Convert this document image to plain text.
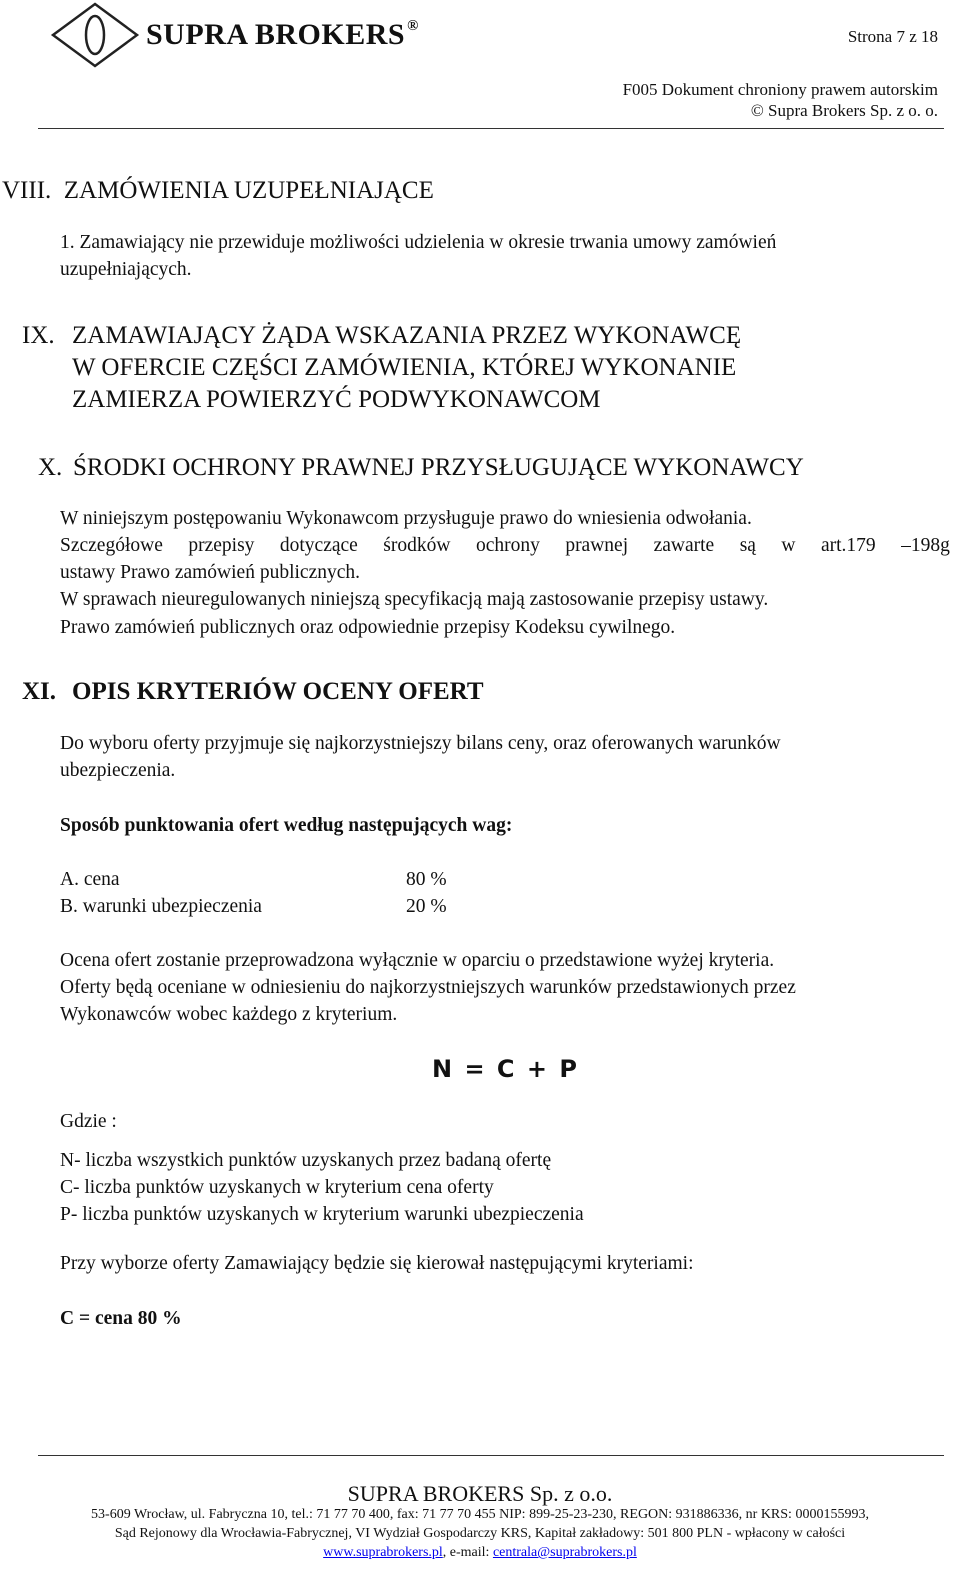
SUPRA BROKERS ®
Strona 7 z 18
F005 Dokument chroniony prawem autorskim
© Supra Brokers Sp. z o. o.
VIII. ZAMÓWIENIA UZUPEŁNIAJĄCE
1. Zamawiający nie przewiduje możliwości udzielenia w okresie trwania umowy zamówień
uzupełniających.
IX. ZAMAWIAJĄCY ŻĄDA WSKAZANIA PRZEZ WYKONAWCĘ
W OFERCIE CZĘŚCI ZAMÓWIENIA, KTÓREJ WYKONANIE
ZAMIERZA POWIERZYĆ PODWYKONAWCOM
X. ŚRODKI OCHRONY PRAWNEJ PRZYSŁUGUJĄCE WYKONAWCY
W niniejszym postępowaniu Wykonawcom przysługuje prawo do wniesienia odwołania.
Szczegółowe przepisy dotyczące środków ochrony prawnej zawarte są w art.179 –198g
ustawy Prawo zamówień publicznych.
W sprawach nieuregulowanych niniejszą specyfikacją mają zastosowanie przepisy ustawy.
Prawo zamówień publicznych oraz odpowiednie przepisy Kodeksu cywilnego.
XI. OPIS KRYTERIÓW OCENY OFERT
Do wyboru oferty przyjmuje się najkorzystniejszy bilans ceny, oraz oferowanych warunków
ubezpieczenia.
Sposób punktowania ofert według następujących wag:
A. cena	80 %
B. warunki ubezpieczenia	20 %
Ocena ofert zostanie przeprowadzona wyłącznie w oparciu o przedstawione wyżej kryteria.
Oferty będą oceniane w odniesieniu do najkorzystniejszych warunków przedstawionych przez
Wykonawców wobec każdego z kryterium.
N = C + P
Gdzie :
N- liczba wszystkich punktów uzyskanych przez badaną ofertę
C- liczba punktów uzyskanych w kryterium cena oferty
P- liczba punktów uzyskanych w kryterium warunki ubezpieczenia
Przy wyborze oferty Zamawiający będzie się kierował następującymi kryteriami:
C = cena 80 %
SUPRA BROKERS Sp. z o.o.
53-609 Wrocław, ul. Fabryczna 10, tel.: 71 77 70 400, fax: 71 77 70 455 NIP: 899-25-23-230, REGON: 931886336, nr KRS: 0000155993,
Sąd Rejonowy dla Wrocławia-Fabrycznej, VI Wydział Gospodarczy KRS, Kapitał zakładowy: 501 800 PLN - wpłacony w całości
www.suprabrokers.pl, e-mail: centrala@suprabrokers.pl
